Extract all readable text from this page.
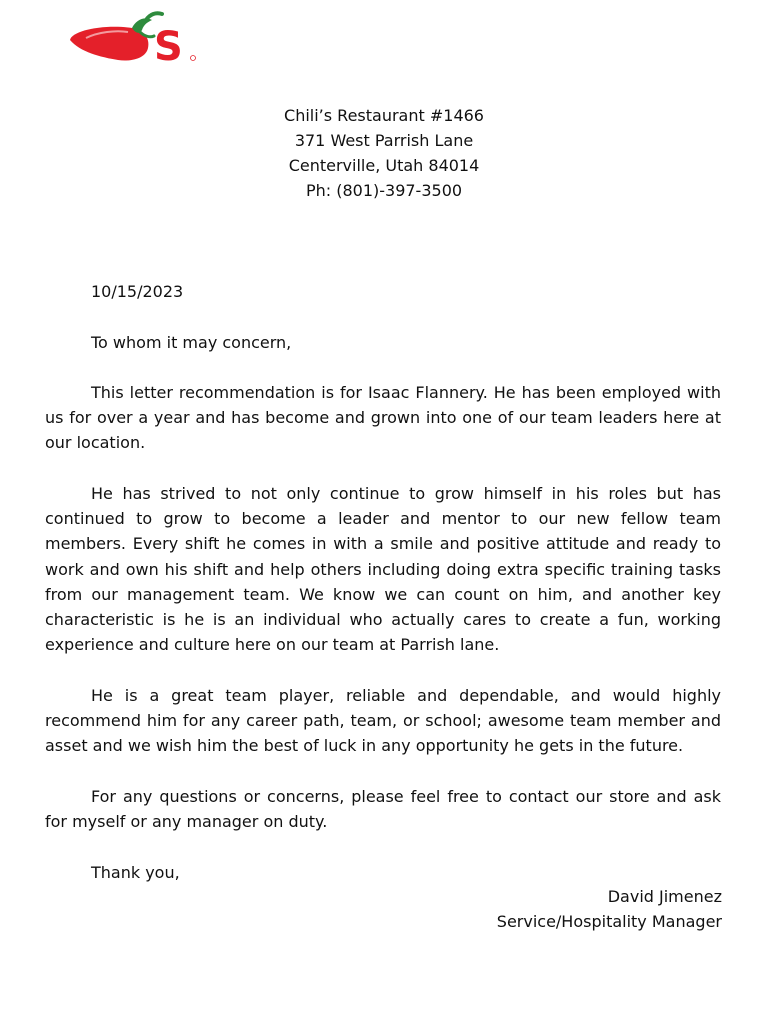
S
Chili’s Restaurant #1466
371 West Parrish Lane
Centerville, Utah 84014
Ph: (801)-397-3500
10/15/2023
To whom it may concern,

This letter recommendation is for Isaac Flannery. He has been employed with us for over a year and has become and grown into one of our team leaders here at our location.

He has strived to not only continue to grow himself in his roles but has continued to grow to become a leader and mentor to our new fellow team members. Every shift he comes in with a smile and positive attitude and ready to work and own his shift and help others including doing extra specific training tasks from our management team. We know we can count on him, and another key characteristic is he is an individual who actually cares to create a fun, working experience and culture here on our team at Parrish lane.

He is a great team player, reliable and dependable, and would highly recommend him for any career path, team, or school; awesome team member and asset and we wish him the best of luck in any opportunity he gets in the future.

For any questions or concerns, please feel free to contact our store and ask for myself or any manager on duty.

Thank you,
David Jimenez
Service/Hospitality Manager
